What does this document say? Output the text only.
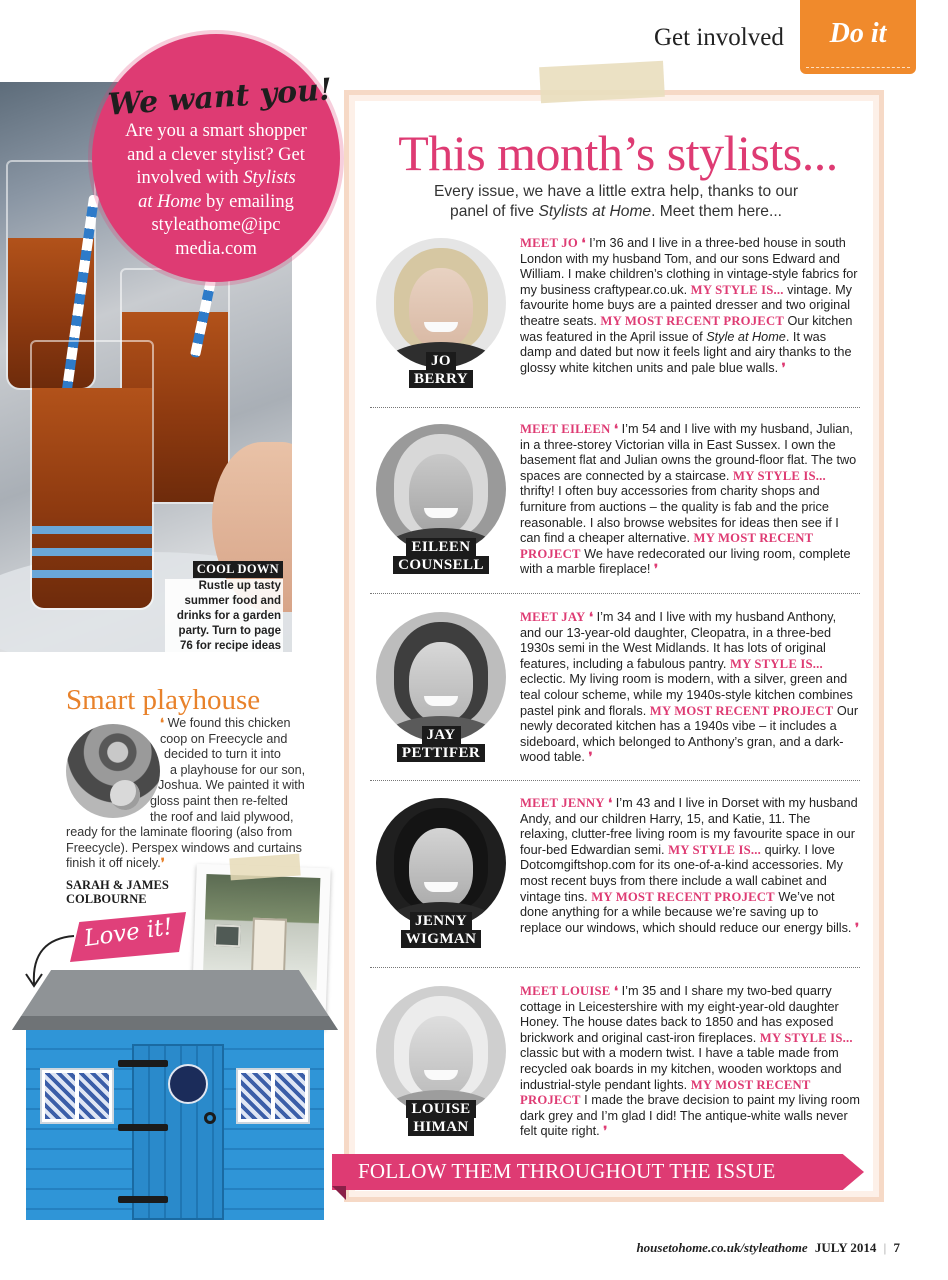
Get involved	Do it
COOL DOWN
Rustle up tasty summer food and drinks for a garden party. Turn to page 76 for recipe ideas
We want you!
Are you a smart shopper
and a clever stylist? Get
involved with Stylists
at Home by emailing
styleathome@ipc
media.com
Smart playhouse
❛ We found this chicken
coop on Freecycle and
decided to turn it into
a playhouse for our son,
Joshua. We painted it with
gloss paint then re-felted
the roof and laid plywood,
ready for the laminate flooring (also from
Freecycle). Perspex windows and curtains
finish it off nicely.❜
SARAH & JAMES
COLBOURNE
Love it!
This month’s stylists...
Every issue, we have a little extra help, thanks to our
panel of five Stylists at Home. Meet them here...
JO
BERRY
MEET JO ❛ I’m 36 and I live in a three-bed house in south London with my husband Tom, and our sons Edward and William. I make children’s clothing in vintage-style fabrics for my business craftypear.co.uk. MY STYLE IS... vintage. My favourite home buys are a painted dresser and two original theatre seats. MY MOST RECENT PROJECT Our kitchen was featured in the April issue of Style at Home. It was damp and dated but now it feels light and airy thanks to the glossy white kitchen units and pale blue walls. ❜
EILEEN
COUNSELL
MEET EILEEN ❛ I’m 54 and I live with my husband, Julian, in a three-storey Victorian villa in East Sussex. I own the basement flat and Julian owns the ground-floor flat. The two spaces are connected by a staircase. MY STYLE IS... thrifty! I often buy accessories from charity shops and furniture from auctions – the quality is fab and the price reasonable. I also browse websites for ideas then see if I can find a cheaper alternative. MY MOST RECENT PROJECT We have redecorated our living room, complete with a marble fireplace! ❜
JAY
PETTIFER
MEET JAY ❛ I’m 34 and I live with my husband Anthony, and our 13-year-old daughter, Cleopatra, in a three-bed 1930s semi in the West Midlands. It has lots of original features, including a fabulous pantry. MY STYLE IS... eclectic. My living room is modern, with a silver, green and teal colour scheme, while my 1940s-style kitchen combines pastel pink and florals. MY MOST RECENT PROJECT Our newly decorated kitchen has a 1940s vibe – it includes a sideboard, which belonged to Anthony’s gran, and a dark-wood table. ❜
JENNY
WIGMAN
MEET JENNY ❛ I’m 43 and I live in Dorset with my husband Andy, and our children Harry, 15, and Katie, 11. The relaxing, clutter-free living room is my favourite space in our four-bed Edwardian semi. MY STYLE IS... quirky. I love Dotcomgiftshop.com for its one-of-a-kind accessories. My most recent buys from there include a wall cabinet and vintage tins. MY MOST RECENT PROJECT We’ve not done anything for a while because we’re saving up to replace our windows, which should reduce our energy bills. ❜
LOUISE
HIMAN
MEET LOUISE ❛ I’m 35 and I share my two-bed quarry cottage in Leicestershire with my eight-year-old daughter Honey. The house dates back to 1850 and has exposed brickwork and original cast-iron fireplaces. MY STYLE IS... classic but with a modern twist. I have a table made from recycled oak boards in my kitchen, wooden worktops and industrial-style pendant lights. MY MOST RECENT PROJECT I made the brave decision to paint my living room dark grey and I’m glad I did! The antique-white walls never felt quite right. ❜
FOLLOW THEM THROUGHOUT THE ISSUE
housetohome.co.uk/styleathome JULY 2014 | 7
